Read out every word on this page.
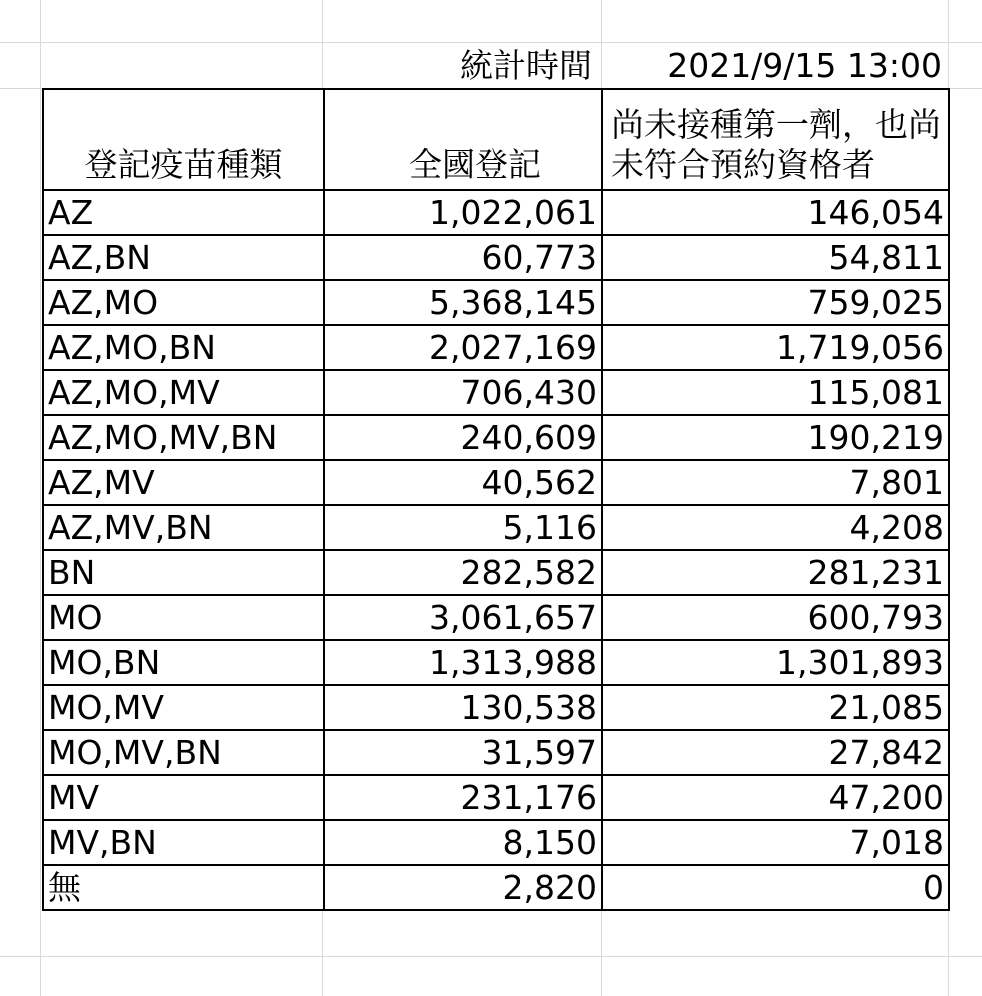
統計時間	2021/9/15 13:00
登記疫苗種類	全國登記	尚未接種第一劑，也尚未符合預約資格者
AZ	1,022,061	146,054
AZ,BN	60,773	54,811
AZ,MO	5,368,145	759,025
AZ,MO,BN	2,027,169	1,719,056
AZ,MO,MV	706,430	115,081
AZ,MO,MV,BN	240,609	190,219
AZ,MV	40,562	7,801
AZ,MV,BN	5,116	4,208
BN	282,582	281,231
MO	3,061,657	600,793
MO,BN	1,313,988	1,301,893
MO,MV	130,538	21,085
MO,MV,BN	31,597	27,842
MV	231,176	47,200
MV,BN	8,150	7,018
無	2,820	0
